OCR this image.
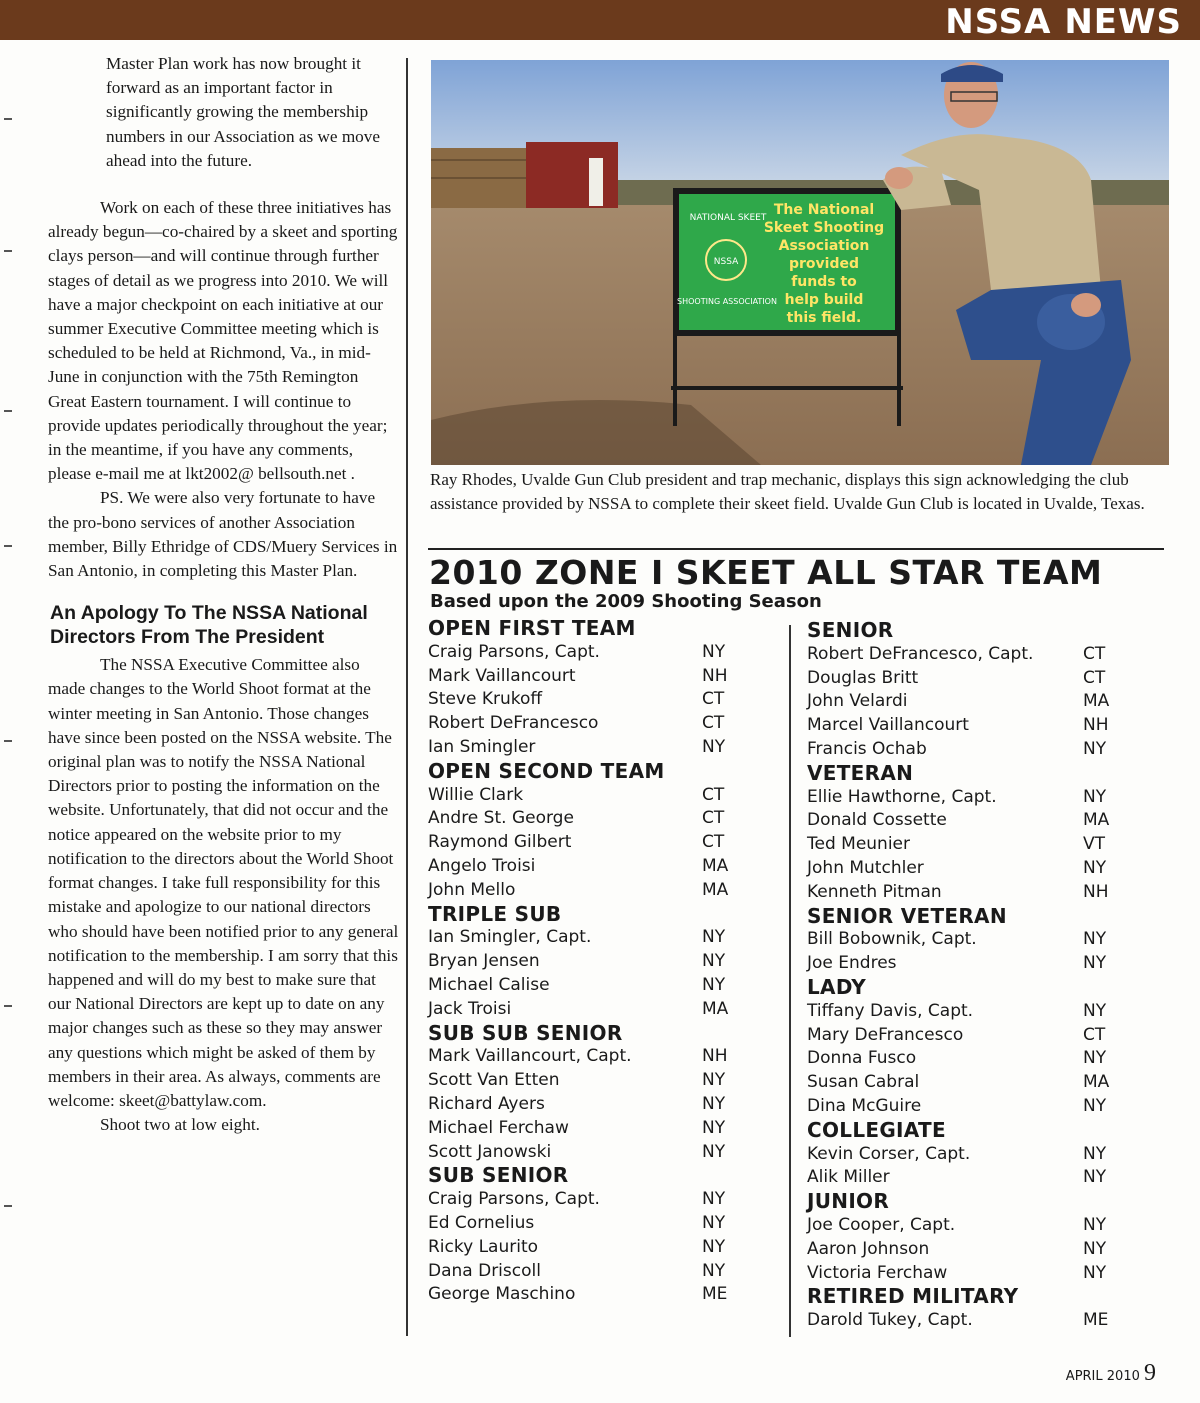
NSSA NEWS

Master Plan work has now brought it forward as an important factor in significantly growing the membership numbers in our Association as we move ahead into the future.

Work on each of these three initiatives has already begun—co-chaired by a skeet and sporting clays person—and will continue through further stages of detail as we progress into 2010. We will have a major checkpoint on each initiative at our summer Executive Committee meeting which is scheduled to be held at Richmond, Va., in mid-June in conjunction with the 75th Remington Great Eastern tournament. I will continue to provide updates periodically throughout the year; in the meantime, if you have any comments, please e-mail me at lkt2002@ bellsouth.net .

PS. We were also very fortunate to have the pro-bono services of another Association member, Billy Ethridge of CDS/Muery Services in San Antonio, in completing this Master Plan.

An Apology To The NSSA National Directors From The President

The NSSA Executive Committee also made changes to the World Shoot format at the winter meeting in San Antonio. Those changes have since been posted on the NSSA website. The original plan was to notify the NSSA National Directors prior to posting the information on the website. Unfortunately, that did not occur and the notice appeared on the website prior to my notification to the directors about the World Shoot format changes. I take full responsibility for this mistake and apologize to our national directors who should have been notified prior to any general notification to the membership. I am sorry that this happened and will do my best to make sure that our National Directors are kept up to date on any major changes such as these so they may answer any questions which might be asked of them by members in their area. As always, comments are welcome: skeet@battylaw.com.

Shoot two at low eight.

NATIONAL SKEET
NSSA
SHOOTING ASSOCIATION
The National
Skeet Shooting
Association
provided
funds to
help build
this field.
Ray Rhodes, Uvalde Gun Club president and trap mechanic, displays this sign acknowledging the club assistance provided by NSSA to complete their skeet field. Uvalde Gun Club is located in Uvalde, Texas.
2010 ZONE I SKEET ALL STAR TEAM
Based upon the 2009 Shooting Season
OPEN FIRST TEAM
Craig Parsons, Capt.	NY
Mark Vaillancourt	NH
Steve Krukoff	CT
Robert DeFrancesco	CT
Ian Smingler	NY
OPEN SECOND TEAM
Willie Clark	CT
Andre St. George	CT
Raymond Gilbert	CT
Angelo Troisi	MA
John Mello	MA
TRIPLE SUB
Ian Smingler, Capt.	NY
Bryan Jensen	NY
Michael Calise	NY
Jack Troisi	MA
SUB SUB SENIOR
Mark Vaillancourt, Capt.	NH
Scott Van Etten	NY
Richard Ayers	NY
Michael Ferchaw	NY
Scott Janowski	NY
SUB SENIOR
Craig Parsons, Capt.	NY
Ed Cornelius	NY
Ricky Laurito	NY
Dana Driscoll	NY
George Maschino	ME
SENIOR
Robert DeFrancesco, Capt.	CT
Douglas Britt	CT
John Velardi	MA
Marcel Vaillancourt	NH
Francis Ochab	NY
VETERAN
Ellie Hawthorne, Capt.	NY
Donald Cossette	MA
Ted Meunier	VT
John Mutchler	NY
Kenneth Pitman	NH
SENIOR VETERAN
Bill Bobownik, Capt.	NY
Joe Endres	NY
LADY
Tiffany Davis, Capt.	NY
Mary DeFrancesco	CT
Donna Fusco	NY
Susan Cabral	MA
Dina McGuire	NY
COLLEGIATE
Kevin Corser, Capt.	NY
Alik Miller	NY
JUNIOR
Joe Cooper, Capt.	NY
Aaron Johnson	NY
Victoria Ferchaw	NY
RETIRED MILITARY
Darold Tukey, Capt.	ME
APRIL 2010 9
